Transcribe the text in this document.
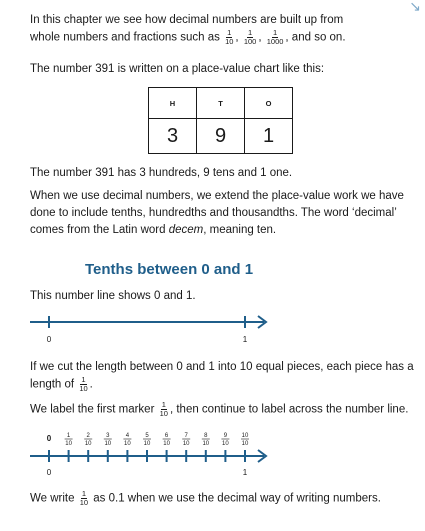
↘

In this chapter we see how decimal numbers are built up from
whole numbers and fractions such as $\frac{1}{10}$ , $\frac{1}{100}$ , $\frac{1}{1000}$ , and so on.

The number 391 is written on a place-value chart like this:

H	T	O
3	9	1

The number 391 has 3 hundreds, 9 tens and 1 one.

When we use decimal numbers, we extend the place-value work we have done to include tenths, hundredths and thousandths. The word ‘decimal’ comes from the Latin word decem, meaning ten.

Tenths between 0 and 1

This number line shows 0 and 1.

If we cut the length between 0 and 1 into 10 equal pieces, each piece has a length of $\frac{1}{10}$ .

We label the first marker $\frac{1}{10}$ , then continue to label across the number line.

We write $\frac{1}{10}$ as 0.1 when we use the decimal way of writing numbers.

0	1
0	1
10
2
10
3
10
4
10
5
10
6
10
7
10
8
10
9
10
10
10
0	1
